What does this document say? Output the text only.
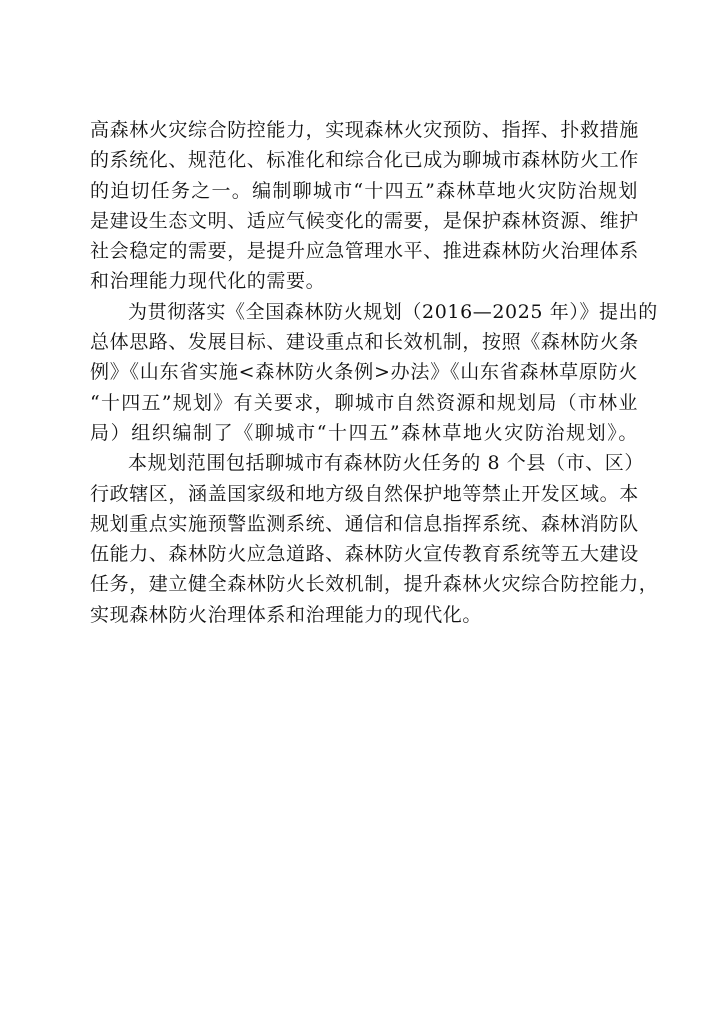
高森林火灾综合防控能力，实现森林火灾预防、指挥、扑救措施
的系统化、规范化、标准化和综合化已成为聊城市森林防火工作
的迫切任务之一。编制聊城市“十四五”森林草地火灾防治规划
是建设生态文明、适应气候变化的需要，是保护森林资源、维护
社会稳定的需要，是提升应急管理水平、推进森林防火治理体系
和治理能力现代化的需要。

为贯彻落实《全国森林防火规划（2016—2025 年）》提出的
总体思路、发展目标、建设重点和长效机制，按照《森林防火条
例》《山东省实施<森林防火条例>办法》《山东省森林草原防火
“十四五”规划》有关要求，聊城市自然资源和规划局（市林业
局）组织编制了《聊城市“十四五”森林草地火灾防治规划》。

本规划范围包括聊城市有森林防火任务的 8 个县（市、区）
行政辖区，涵盖国家级和地方级自然保护地等禁止开发区域。本
规划重点实施预警监测系统、通信和信息指挥系统、森林消防队
伍能力、森林防火应急道路、森林防火宣传教育系统等五大建设
任务，建立健全森林防火长效机制，提升森林火灾综合防控能力，
实现森林防火治理体系和治理能力的现代化。
